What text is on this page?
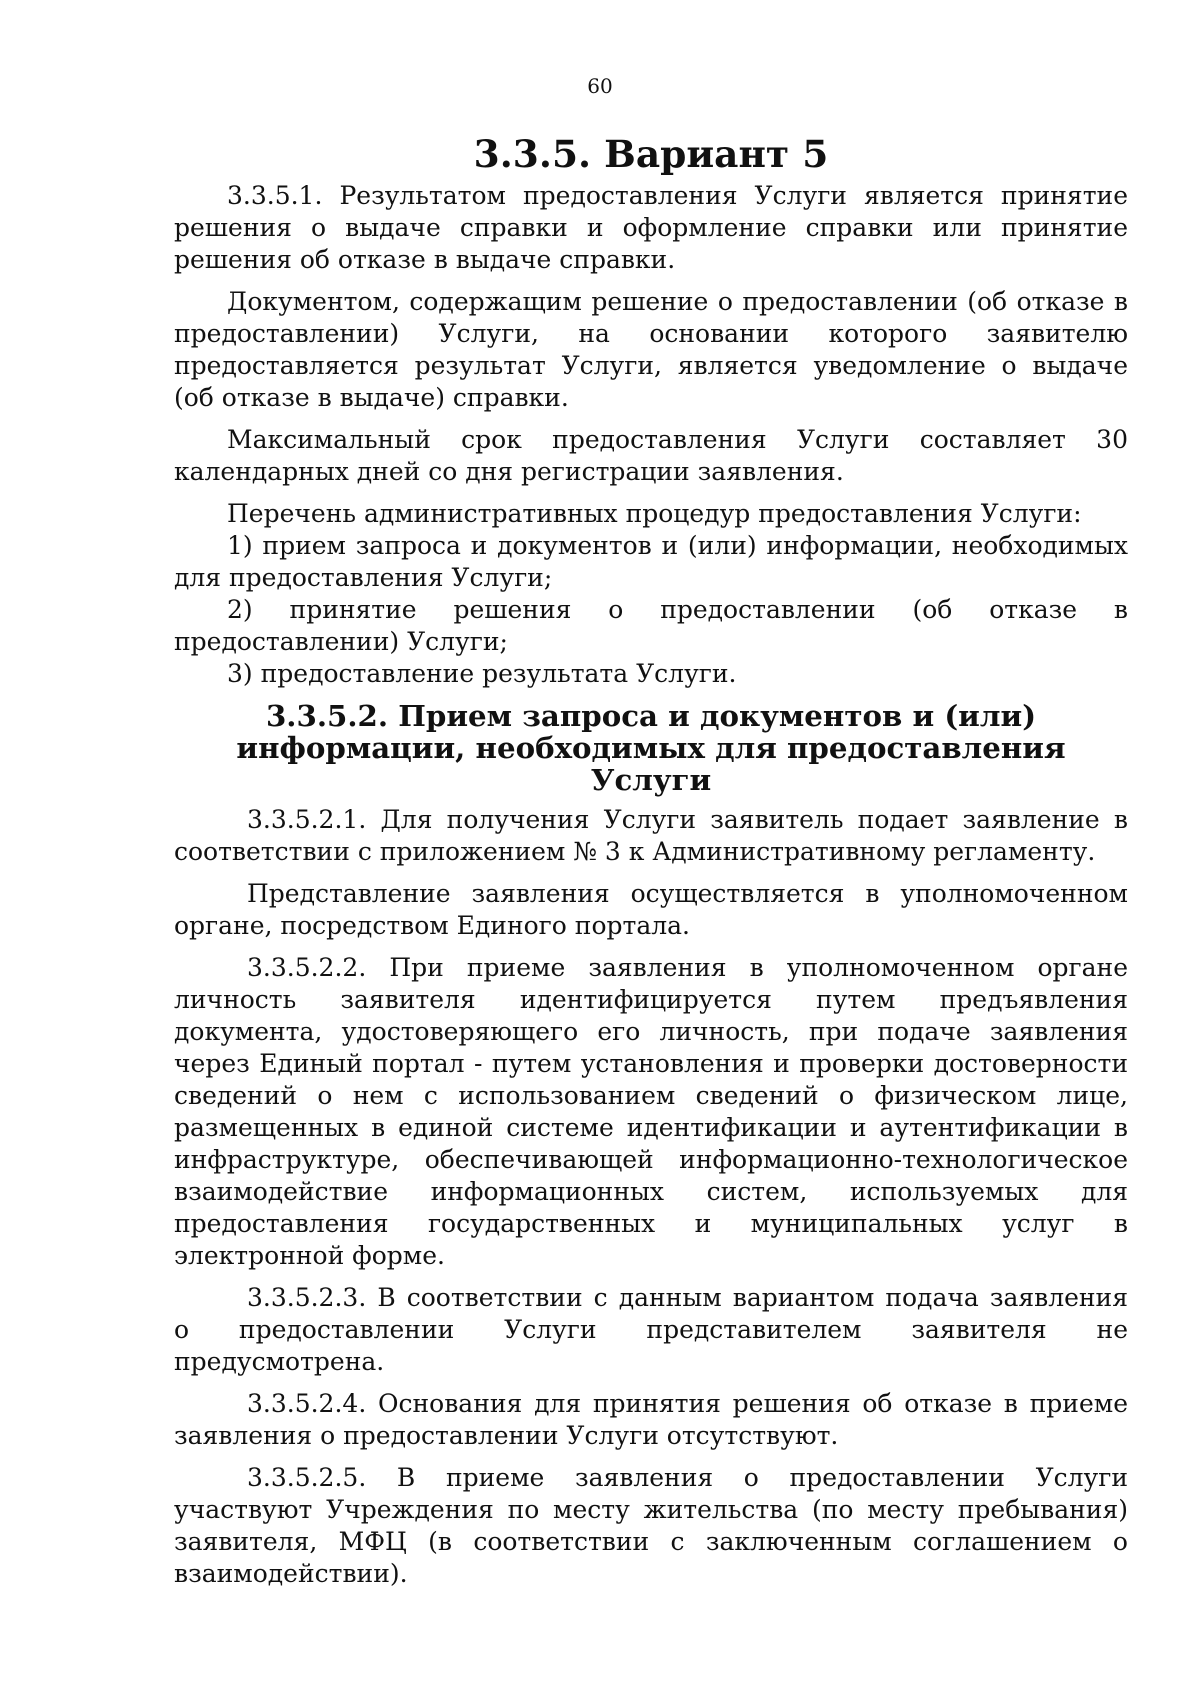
60
3.3.5. Вариант 5

3.3.5.1. Результатом предоставления Услуги является принятие решения о выдаче справки и оформление справки или принятие решения об отказе в выдаче справки.

Документом, содержащим решение о предоставлении (об отказе в предоставлении) Услуги, на основании которого заявителю предоставляется результат Услуги, является уведомление о выдаче (об отказе в выдаче) справки.

Максимальный срок предоставления Услуги составляет 30 календарных дней со дня регистрации заявления.

Перечень административных процедур предоставления Услуги:

1) прием запроса и документов и (или) информации, необходимых для предоставления Услуги;

2) принятие решения о предоставлении (об отказе в предоставлении) Услуги;

3) предоставление результата Услуги.

3.3.5.2. Прием запроса и документов и (или) информации, необходимых для предоставления Услуги

3.3.5.2.1. Для получения Услуги заявитель подает заявление в соответствии с приложением № 3 к Административному регламенту.

Представление заявления осуществляется в уполномоченном органе, посредством Единого портала.

3.3.5.2.2. При приеме заявления в уполномоченном органе личность заявителя идентифицируется путем предъявления документа, удостоверяющего его личность, при подаче заявления через Единый портал - путем установления и проверки достоверности сведений о нем с использованием сведений о физическом лице, размещенных в единой системе идентификации и аутентификации в инфраструктуре, обеспечивающей информационно-технологическое взаимодействие информационных систем, используемых для предоставления государственных и муниципальных услуг в электронной форме.

3.3.5.2.3. В соответствии с данным вариантом подача заявления о предоставлении Услуги представителем заявителя не предусмотрена.

3.3.5.2.4. Основания для принятия решения об отказе в приеме заявления о предоставлении Услуги отсутствуют.

3.3.5.2.5. В приеме заявления о предоставлении Услуги участвуют Учреждения по месту жительства (по месту пребывания) заявителя, МФЦ (в соответствии с заключенным соглашением о взаимодействии).
